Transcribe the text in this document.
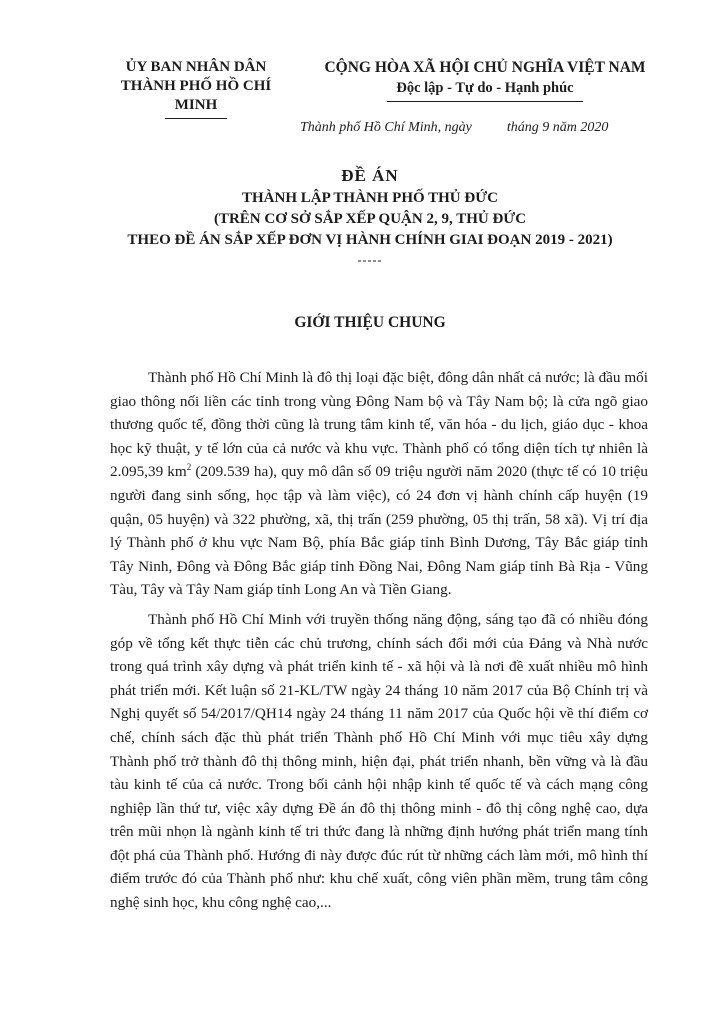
ỦY BAN NHÂN DÂN
THÀNH PHỐ HỒ CHÍ MINH
CỘNG HÒA XÃ HỘI CHỦ NGHĨA VIỆT NAM
Độc lập - Tự do - Hạnh phúc
Thành phố Hồ Chí Minh, ngày	tháng 9 năm 2020
ĐỀ ÁN
THÀNH LẬP THÀNH PHỐ THỦ ĐỨC
(TRÊN CƠ SỞ SẮP XẾP QUẬN 2, 9, THỦ ĐỨC
THEO ĐỀ ÁN SẮP XẾP ĐƠN VỊ HÀNH CHÍNH GIAI ĐOẠN 2019 - 2021)
-----
GIỚI THIỆU CHUNG

Thành phố Hồ Chí Minh là đô thị loại đặc biệt, đông dân nhất cả nước; là đầu mối giao thông nối liền các tỉnh trong vùng Đông Nam bộ và Tây Nam bộ; là cửa ngõ giao thương quốc tế, đồng thời cũng là trung tâm kinh tế, văn hóa - du lịch, giáo dục - khoa học kỹ thuật, y tế lớn của cả nước và khu vực. Thành phố có tổng diện tích tự nhiên là 2.095,39 $km^2$ (209.539 ha), quy mô dân số 09 triệu người năm 2020 (thực tế có 10 triệu người đang sinh sống, học tập và làm việc), có 24 đơn vị hành chính cấp huyện (19 quận, 05 huyện) và 322 phường, xã, thị trấn (259 phường, 05 thị trấn, 58 xã). Vị trí địa lý Thành phố ở khu vực Nam Bộ, phía Bắc giáp tỉnh Bình Dương, Tây Bắc giáp tỉnh Tây Ninh, Đông và Đông Bắc giáp tỉnh Đồng Nai, Đông Nam giáp tỉnh Bà Rịa - Vũng Tàu, Tây và Tây Nam giáp tỉnh Long An và Tiền Giang.

Thành phố Hồ Chí Minh với truyền thống năng động, sáng tạo đã có nhiều đóng góp về tổng kết thực tiễn các chủ trương, chính sách đổi mới của Đảng và Nhà nước trong quá trình xây dựng và phát triển kinh tế - xã hội và là nơi đề xuất nhiều mô hình phát triển mới. Kết luận số 21-KL/TW ngày 24 tháng 10 năm 2017 của Bộ Chính trị và Nghị quyết số 54/2017/QH14 ngày 24 tháng 11 năm 2017 của Quốc hội về thí điểm cơ chế, chính sách đặc thù phát triển Thành phố Hồ Chí Minh với mục tiêu xây dựng Thành phố trở thành đô thị thông minh, hiện đại, phát triển nhanh, bền vững và là đầu tàu kinh tế của cả nước. Trong bối cảnh hội nhập kinh tế quốc tế và cách mạng công nghiệp lần thứ tư, việc xây dựng Đề án đô thị thông minh - đô thị công nghệ cao, dựa trên mũi nhọn là ngành kinh tế tri thức đang là những định hướng phát triển mang tính đột phá của Thành phố. Hướng đi này được đúc rút từ những cách làm mới, mô hình thí điểm trước đó của Thành phố như: khu chế xuất, công viên phần mềm, trung tâm công nghệ sinh học, khu công nghệ cao,...
